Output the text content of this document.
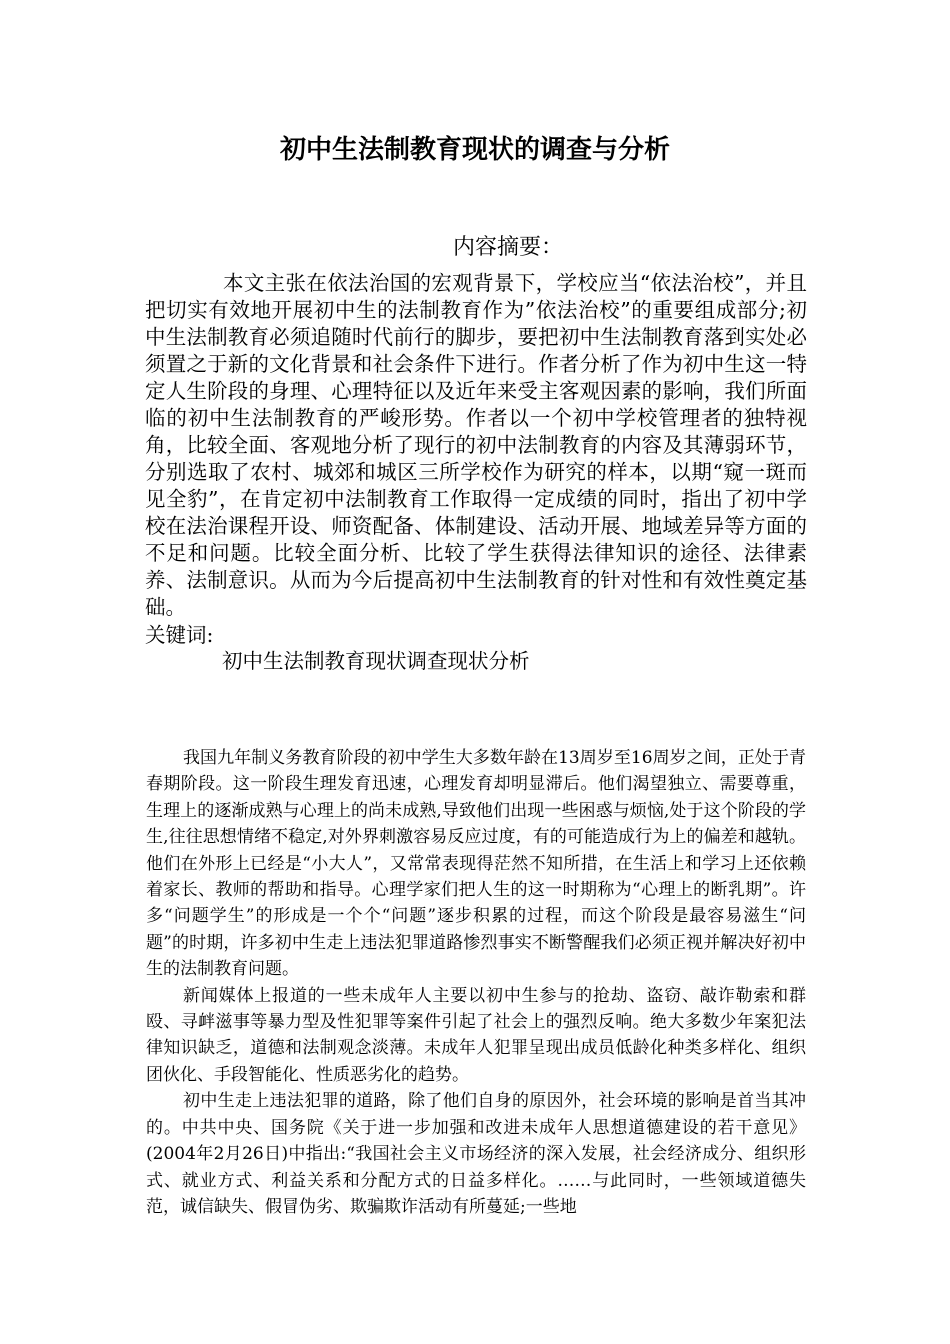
初中生法制教育现状的调查与分析

内容摘要：

本文主张在依法治国的宏观背景下，学校应当“依法治校”，并且把切实有效地开展初中生的法制教育作为”依法治校”的重要组成部分;初中生法制教育必须追随时代前行的脚步，要把初中生法制教育落到实处必须置之于新的文化背景和社会条件下进行。作者分析了作为初中生这一特定人生阶段的身理、心理特征以及近年来受主客观因素的影响，我们所面临的初中生法制教育的严峻形势。作者以一个初中学校管理者的独特视角，比较全面、客观地分析了现行的初中法制教育的内容及其薄弱环节，分别选取了农村、城郊和城区三所学校作为研究的样本，以期“窥一斑而见全豹”，在肯定初中法制教育工作取得一定成绩的同时，指出了初中学校在法治课程开设、师资配备、体制建设、活动开展、地域差异等方面的不足和问题。比较全面分析、比较了学生获得法律知识的途径、法律素养、法制意识。从而为今后提高初中生法制教育的针对性和有效性奠定基础。

关键词:

初中生法制教育现状调查现状分析

我国九年制义务教育阶段的初中学生大多数年龄在13周岁至16周岁之间，正处于青春期阶段。这一阶段生理发育迅速，心理发育却明显滞后。他们渴望独立、需要尊重，生理上的逐渐成熟与心理上的尚未成熟,导致他们出现一些困惑与烦恼,处于这个阶段的学生,往往思想情绪不稳定,对外界刺激容易反应过度，有的可能造成行为上的偏差和越轨。他们在外形上已经是“小大人”，又常常表现得茫然不知所措，在生活上和学习上还依赖着家长、教师的帮助和指导。心理学家们把人生的这一时期称为“心理上的断乳期”。许多“问题学生”的形成是一个个“问题”逐步积累的过程，而这个阶段是最容易滋生“问题”的时期，许多初中生走上违法犯罪道路惨烈事实不断警醒我们必须正视并解决好初中生的法制教育问题。

新闻媒体上报道的一些未成年人主要以初中生参与的抢劫、盗窃、敲诈勒索和群殴、寻衅滋事等暴力型及性犯罪等案件引起了社会上的强烈反响。绝大多数少年案犯法律知识缺乏，道德和法制观念淡薄。未成年人犯罪呈现出成员低龄化种类多样化、组织团伙化、手段智能化、性质恶劣化的趋势。

初中生走上违法犯罪的道路，除了他们自身的原因外，社会环境的影响是首当其冲的。中共中央、国务院《关于进一步加强和改进未成年人思想道德建设的若干意见》(2004年2月26日)中指出:“我国社会主义市场经济的深入发展，社会经济成分、组织形式、就业方式、利益关系和分配方式的日益多样化。……与此同时，一些领域道德失范，诚信缺失、假冒伪劣、欺骗欺诈活动有所蔓延;一些地
